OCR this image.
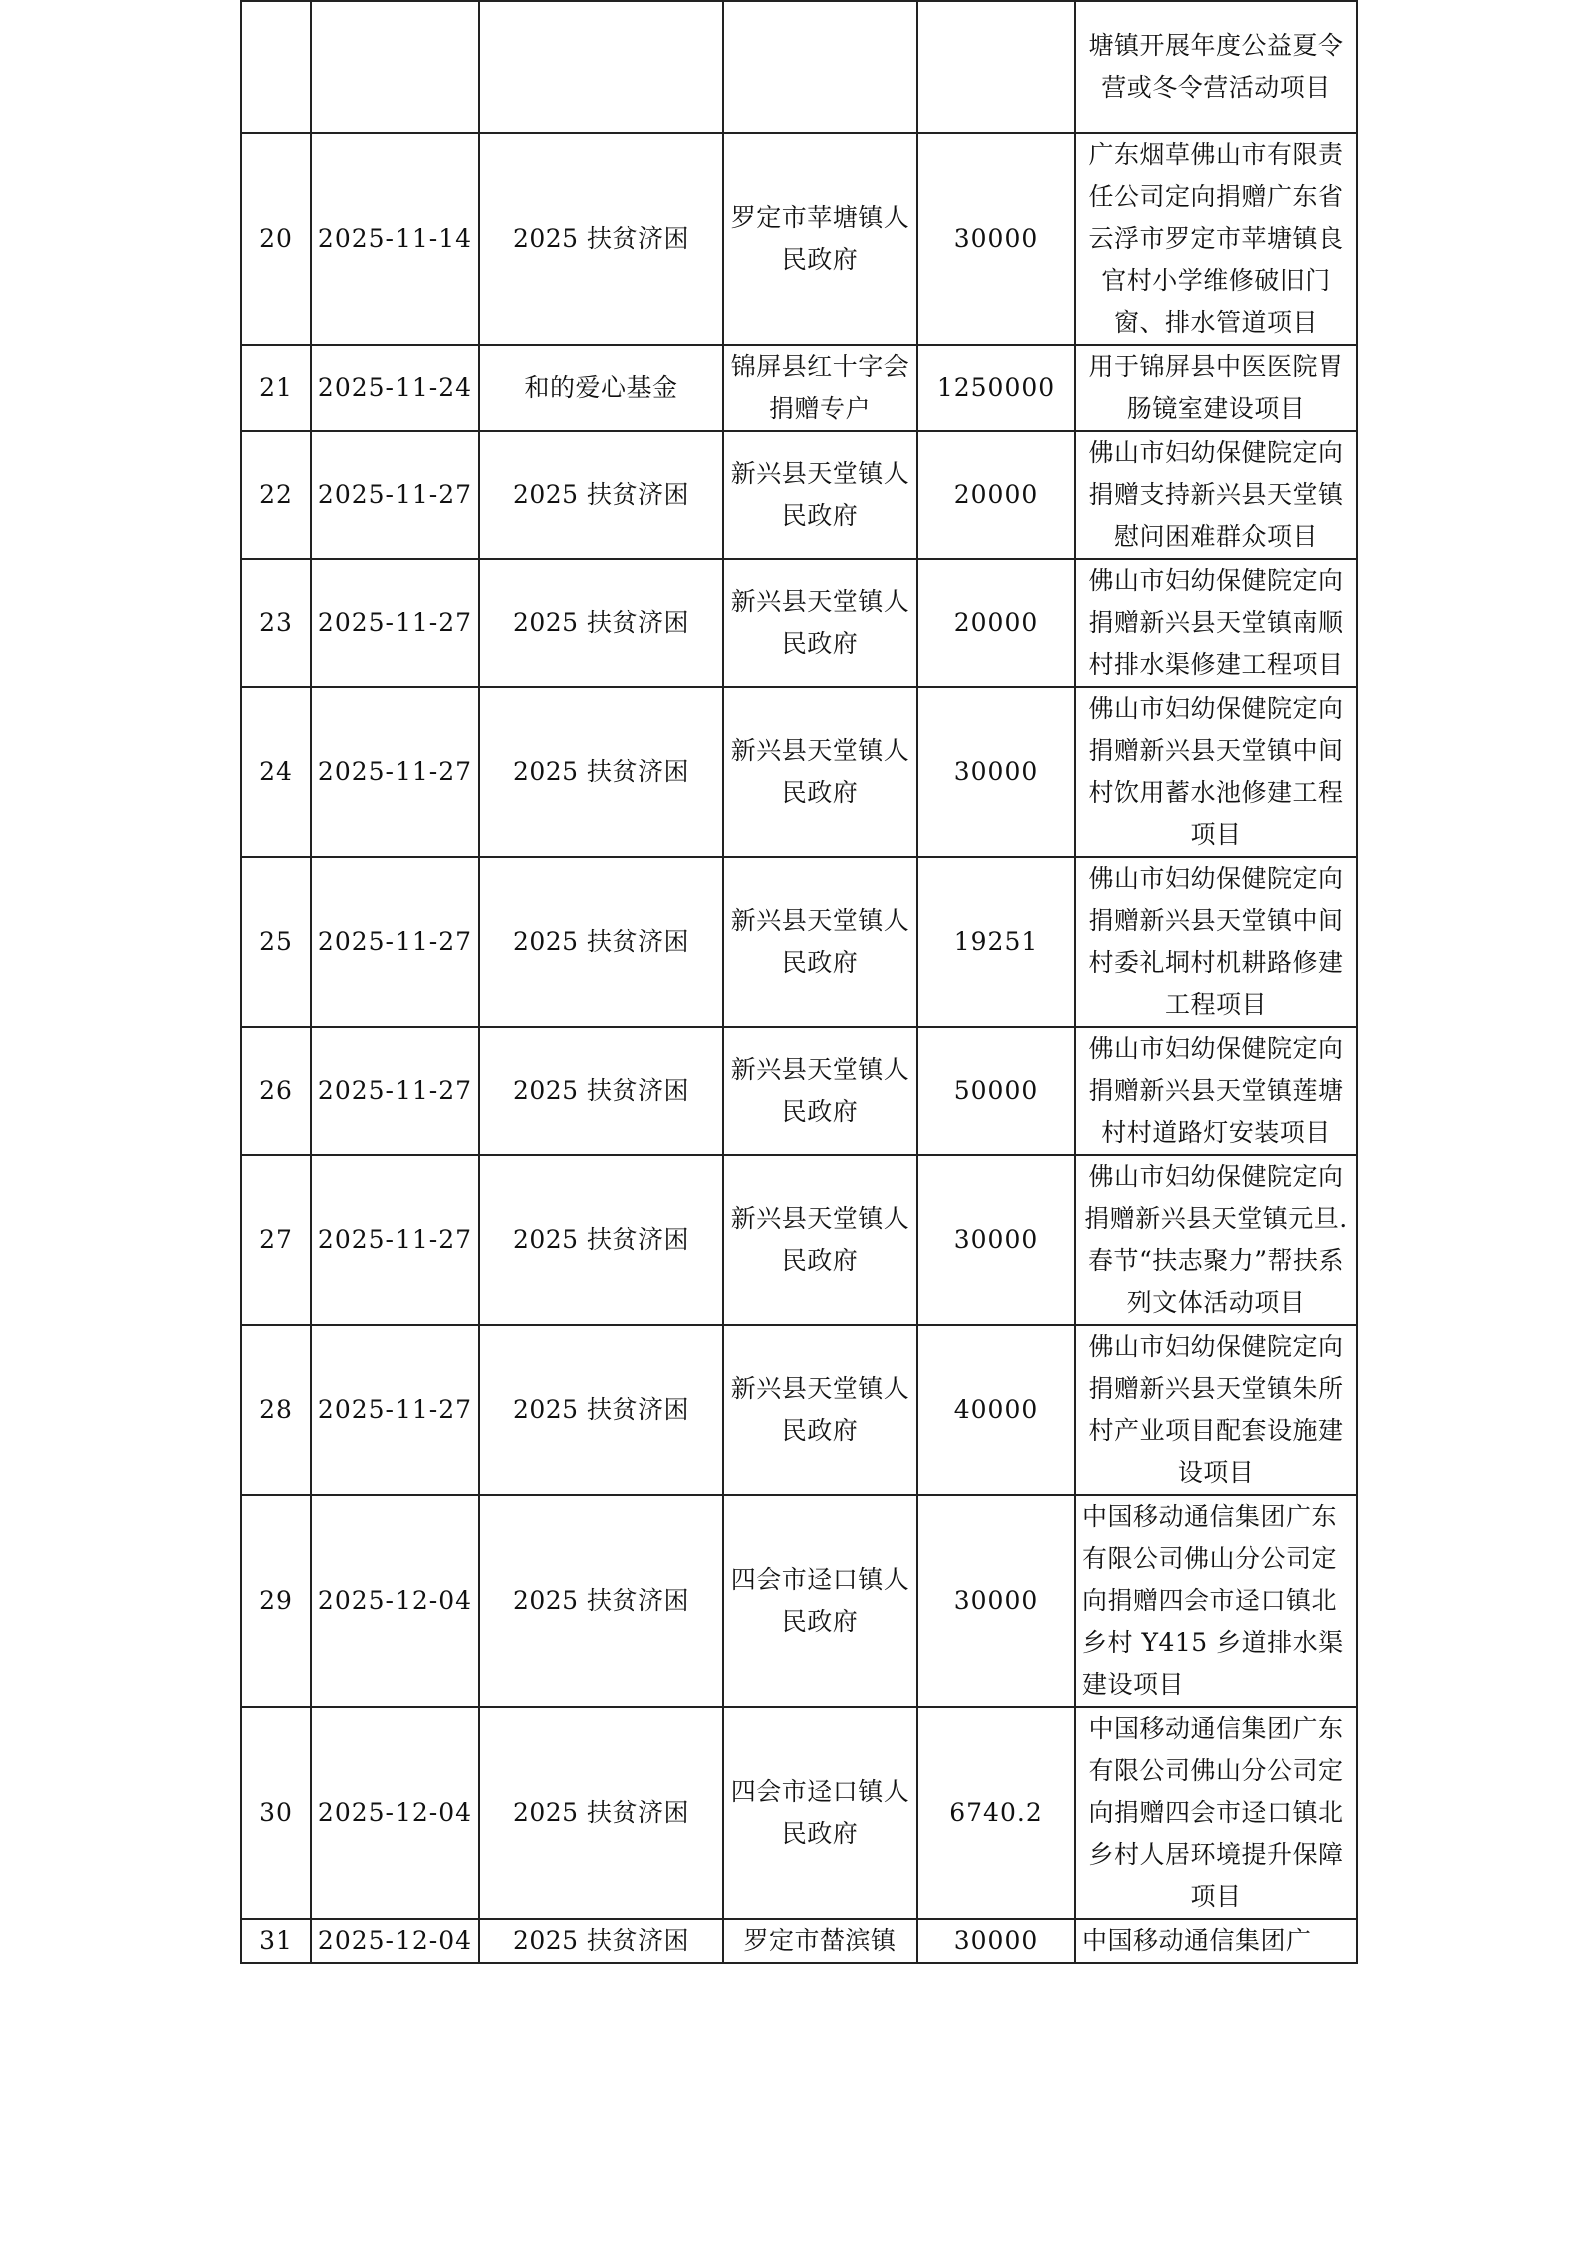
					塘镇开展年度公益夏令营或冬令营活动项目
20	2025-11-14	2025 扶贫济困	罗定市苹塘镇人民政府	30000	广东烟草佛山市有限责任公司定向捐赠广东省云浮市罗定市苹塘镇良官村小学维修破旧门窗、排水管道项目
21	2025-11-24	和的爱心基金	锦屏县红十字会捐赠专户	1250000	用于锦屏县中医医院胃肠镜室建设项目
22	2025-11-27	2025 扶贫济困	新兴县天堂镇人民政府	20000	佛山市妇幼保健院定向捐赠支持新兴县天堂镇慰问困难群众项目
23	2025-11-27	2025 扶贫济困	新兴县天堂镇人民政府	20000	佛山市妇幼保健院定向捐赠新兴县天堂镇南顺村排水渠修建工程项目
24	2025-11-27	2025 扶贫济困	新兴县天堂镇人民政府	30000	佛山市妇幼保健院定向捐赠新兴县天堂镇中间村饮用蓄水池修建工程项目
25	2025-11-27	2025 扶贫济困	新兴县天堂镇人民政府	19251	佛山市妇幼保健院定向捐赠新兴县天堂镇中间村委礼垌村机耕路修建工程项目
26	2025-11-27	2025 扶贫济困	新兴县天堂镇人民政府	50000	佛山市妇幼保健院定向捐赠新兴县天堂镇莲塘村村道路灯安装项目
27	2025-11-27	2025 扶贫济困	新兴县天堂镇人民政府	30000	佛山市妇幼保健院定向捐赠新兴县天堂镇元旦.春节“扶志聚力”帮扶系列文体活动项目
28	2025-11-27	2025 扶贫济困	新兴县天堂镇人民政府	40000	佛山市妇幼保健院定向捐赠新兴县天堂镇朱所村产业项目配套设施建设项目
29	2025-12-04	2025 扶贫济困	四会市迳口镇人民政府	30000	中国移动通信集团广东有限公司佛山分公司定向捐赠四会市迳口镇北乡村 Y415 乡道排水渠建设项目
30	2025-12-04	2025 扶贫济困	四会市迳口镇人民政府	6740.2	中国移动通信集团广东有限公司佛山分公司定向捐赠四会市迳口镇北乡村人居环境提升保障项目
31	2025-12-04	2025 扶贫济困	罗定市榃滨镇	30000	中国移动通信集团广
